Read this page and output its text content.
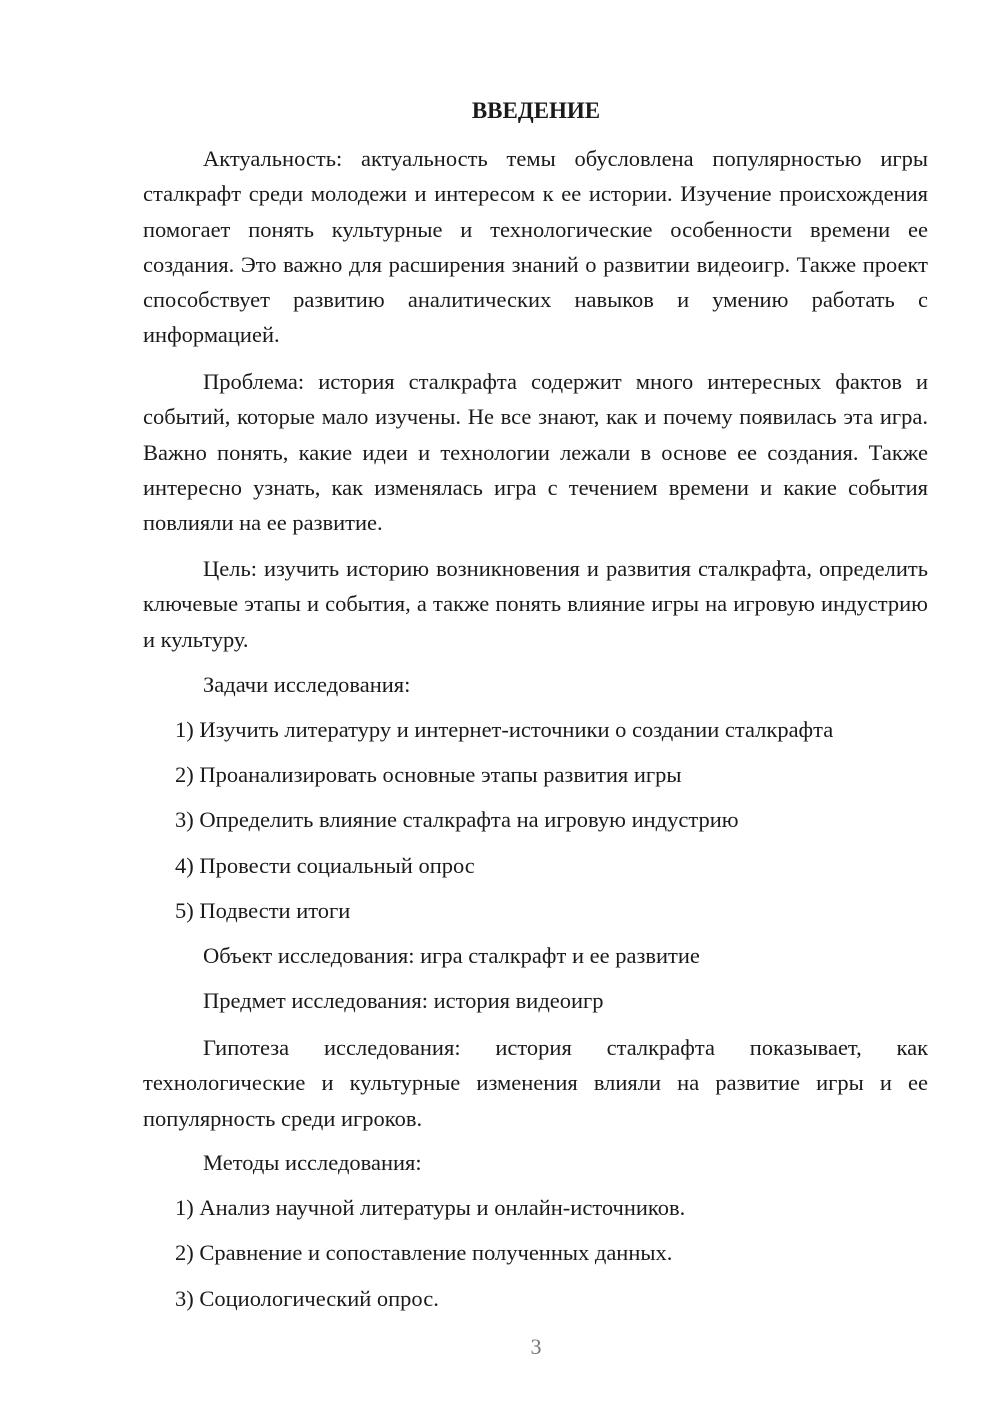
ВВЕДЕНИЕ

Актуальность: актуальность темы обусловлена популярностью игры сталкрафт среди молодежи и интересом к ее истории. Изучение происхождения помогает понять культурные и технологические особенности времени ее создания. Это важно для расширения знаний о развитии видеоигр. Также проект способствует развитию аналитических навыков и умению работать с информацией.

Проблема: история сталкрафта содержит много интересных фактов и событий, которые мало изучены. Не все знают, как и почему появилась эта игра. Важно понять, какие идеи и технологии лежали в основе ее создания. Также интересно узнать, как изменялась игра с течением времени и какие события повлияли на ее развитие.

Цель: изучить историю возникновения и развития сталкрафта, определить ключевые этапы и события, а также понять влияние игры на игровую индустрию и культуру.

Задачи исследования:

1) Изучить литературу и интернет-источники о создании сталкрафта

2) Проанализировать основные этапы развития игры

3) Определить влияние сталкрафта на игровую индустрию

4) Провести социальный опрос

5) Подвести итоги

Объект исследования: игра сталкрафт и ее развитие

Предмет исследования: история видеоигр

Гипотеза исследования: история сталкрафта показывает, как технологические и культурные изменения влияли на развитие игры и ее популярность среди игроков.

Методы исследования:

1) Анализ научной литературы и онлайн-источников.

2) Сравнение и сопоставление полученных данных.

3) Социологический опрос.

3
